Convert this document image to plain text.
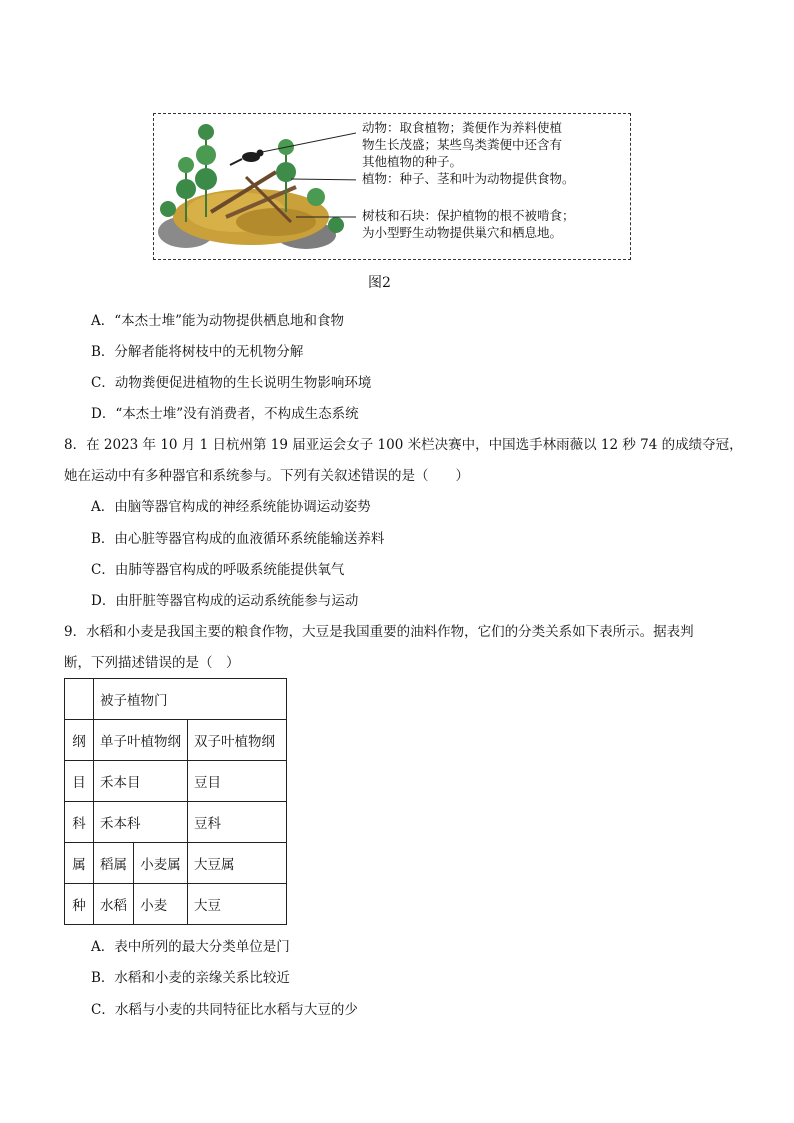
动物：取食植物；粪便作为养料使植
物生长茂盛；某些鸟类粪便中还含有
其他植物的种子。
植物：种子、茎和叶为动物提供食物。
树枝和石块：保护植物的根不被啃食；
为小型野生动物提供巢穴和栖息地。
图2
A．“本杰士堆”能为动物提供栖息地和食物
B．分解者能将树枝中的无机物分解
C．动物粪便促进植物的生长说明生物影响环境
D．“本杰士堆”没有消费者，不构成生态系统
8．在 2023 年 10 月 1 日杭州第 19 届亚运会女子 100 米栏决赛中，中国选手林雨薇以 12 秒 74 的成绩夺冠，
她在运动中有多种器官和系统参与。下列有关叙述错误的是（　　）
A．由脑等器官构成的神经系统能协调运动姿势
B．由心脏等器官构成的血液循环系统能输送养料
C．由肺等器官构成的呼吸系统能提供氧气
D．由肝脏等器官构成的运动系统能参与运动
9．水稻和小麦是我国主要的粮食作物，大豆是我国重要的油料作物，它们的分类关系如下表所示。据表判
断，下列描述错误的是（　）
	被子植物门		
纲	单子叶植物纲		双子叶植物纲
目	禾本目		豆目
科	禾本科		豆科
属	稻属	小麦属	大豆属
种	水稻	小麦	大豆
A．表中所列的最大分类单位是门
B．水稻和小麦的亲缘关系比较近
C．水稻与小麦的共同特征比水稻与大豆的少
